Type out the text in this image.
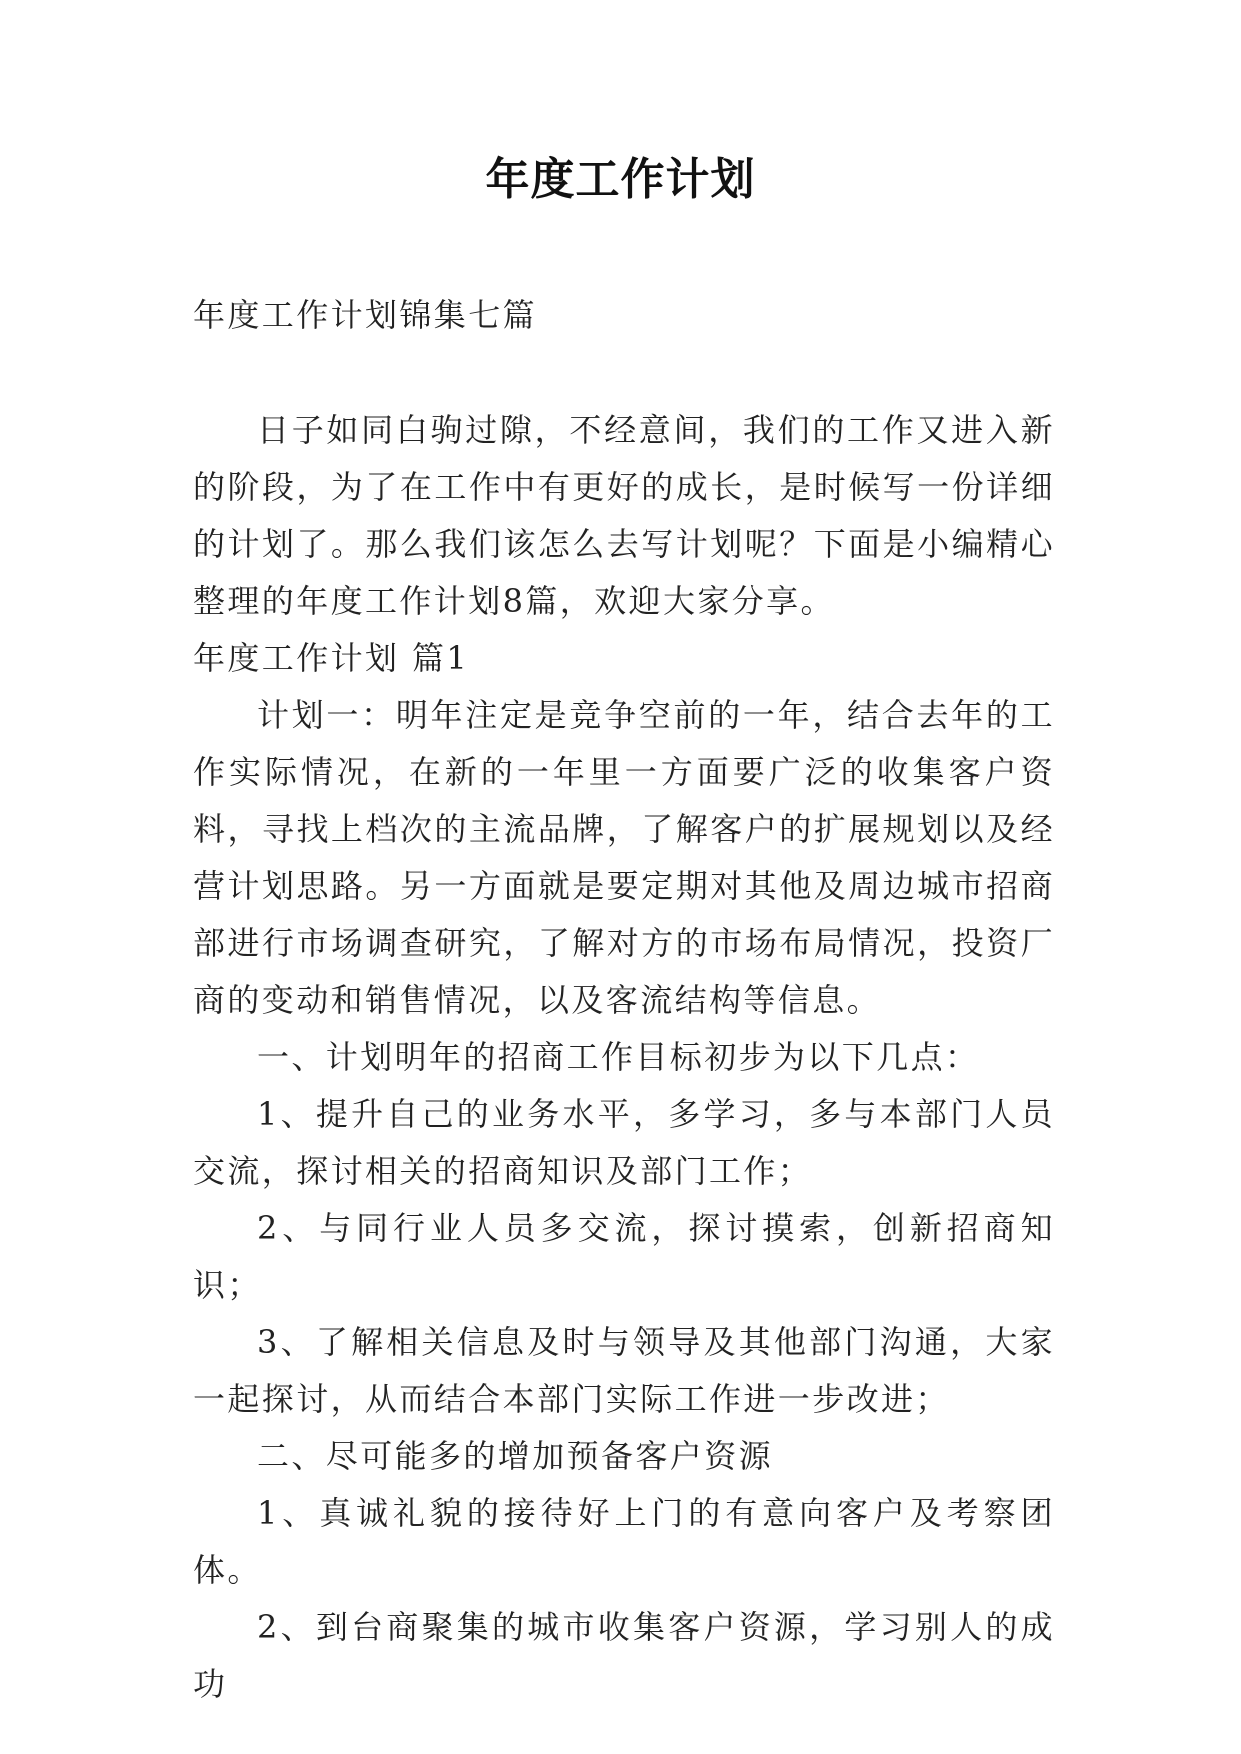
年度工作计划

年度工作计划锦集七篇

日子如同白驹过隙，不经意间，我们的工作又进入新的阶段，为了在工作中有更好的成长，是时候写一份详细的计划了。那么我们该怎么去写计划呢？下面是小编精心整理的年度工作计划8篇，欢迎大家分享。

年度工作计划 篇1

计划一：明年注定是竞争空前的一年，结合去年的工作实际情况，在新的一年里一方面要广泛的收集客户资料，寻找上档次的主流品牌，了解客户的扩展规划以及经营计划思路。另一方面就是要定期对其他及周边城市招商部进行市场调查研究，了解对方的市场布局情况，投资厂商的变动和销售情况，以及客流结构等信息。

一、计划明年的招商工作目标初步为以下几点：

1、提升自己的业务水平，多学习，多与本部门人员交流，探讨相关的招商知识及部门工作；

2、与同行业人员多交流，探讨摸索，创新招商知识；

3、了解相关信息及时与领导及其他部门沟通，大家一起探讨，从而结合本部门实际工作进一步改进；

二、尽可能多的增加预备客户资源

1、真诚礼貌的接待好上门的有意向客户及考察团体。

2、到台商聚集的城市收集客户资源，学习别人的成功
